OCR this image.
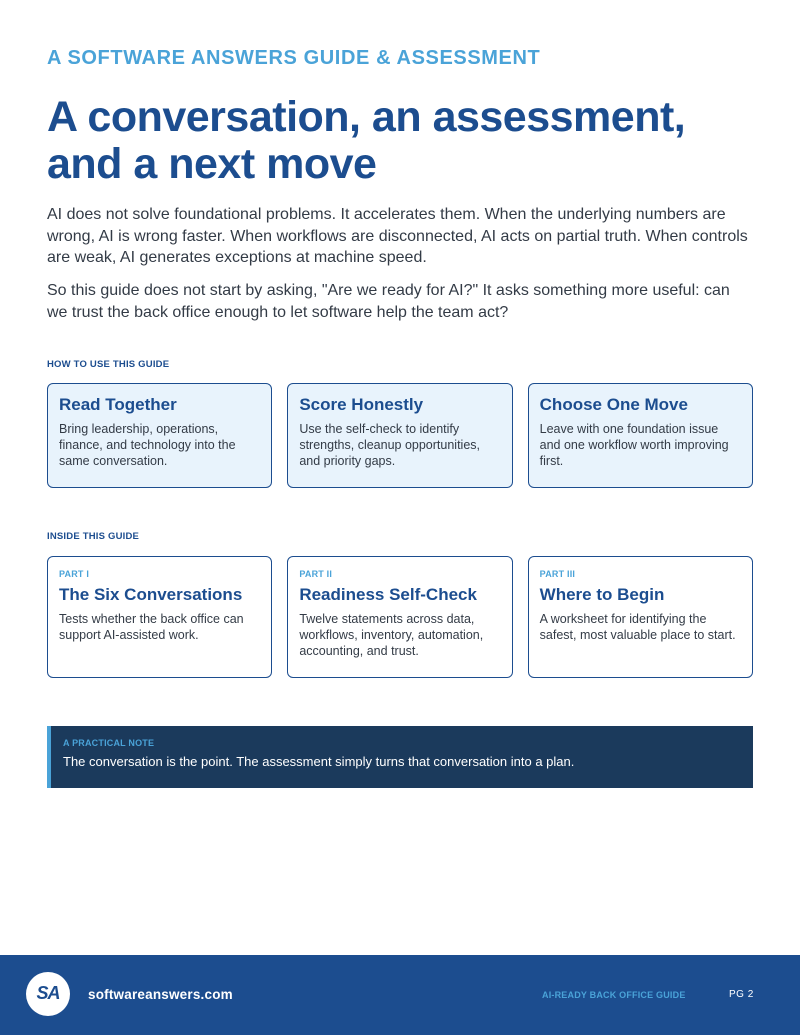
A SOFTWARE ANSWERS GUIDE & ASSESSMENT
A conversation, an assessment, and a next move

AI does not solve foundational problems. It accelerates them. When the underlying numbers are wrong, AI is wrong faster. When workflows are disconnected, AI acts on partial truth. When controls are weak, AI generates exceptions at machine speed.

So this guide does not start by asking, "Are we ready for AI?" It asks something more useful: can we trust the back office enough to let software help the team act?

HOW TO USE THIS GUIDE
Read Together
Bring leadership, operations, finance, and technology into the same conversation.
Score Honestly
Use the self-check to identify strengths, cleanup opportunities, and priority gaps.
Choose One Move
Leave with one foundation issue and one workflow worth improving first.
INSIDE THIS GUIDE
PART I
The Six Conversations
Tests whether the back office can support AI-assisted work.
PART II
Readiness Self-Check
Twelve statements across data, workflows, inventory, automation, accounting, and trust.
PART III
Where to Begin
A worksheet for identifying the safest, most valuable place to start.
A PRACTICAL NOTE
The conversation is the point. The assessment simply turns that conversation into a plan.
SA	softwareanswers.com	AI-READY BACK OFFICE GUIDE	PG 2
